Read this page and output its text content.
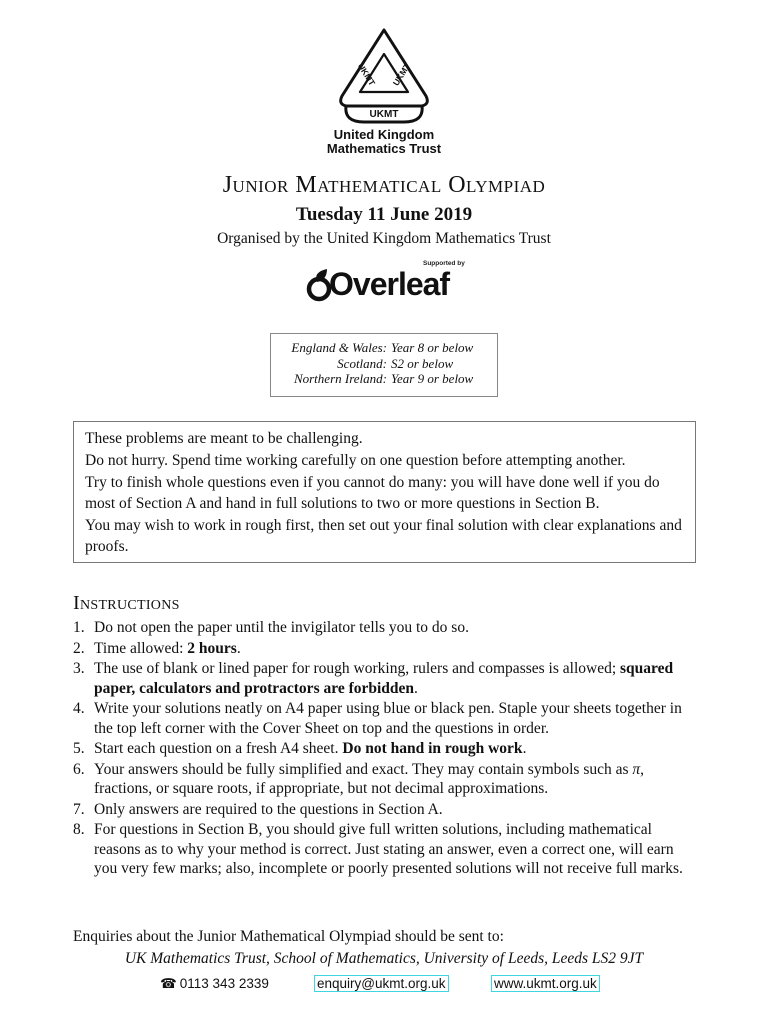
UKMT
UKMT UKMT
United Kingdom
Mathematics Trust
Junior Mathematical Olympiad
Tuesday 11 June 2019
Organised by the United Kingdom Mathematics Trust
Supported by
Overleaf
England & Wales: Year 8 or below
Scotland: S2 or below
Northern Ireland: Year 9 or below

These problems are meant to be challenging.

Do not hurry. Spend time working carefully on one question before attempting another.

Try to finish whole questions even if you cannot do many: you will have done well if you do most of Section A and hand in full solutions to two or more questions in Section B.

You may wish to work in rough first, then set out your final solution with clear explanations and proofs.

Instructions
1. Do not open the paper until the invigilator tells you to do so.
2. Time allowed: 2 hours.
3. The use of blank or lined paper for rough working, rulers and compasses is allowed; squared paper, calculators and protractors are forbidden.
4. Write your solutions neatly on A4 paper using blue or black pen. Staple your sheets together in the top left corner with the Cover Sheet on top and the questions in order.
5. Start each question on a fresh A4 sheet. Do not hand in rough work.
6. Your answers should be fully simplified and exact. They may contain symbols such as π, fractions, or square roots, if appropriate, but not decimal approximations.
7. Only answers are required to the questions in Section A.
8. For questions in Section B, you should give full written solutions, including mathematical reasons as to why your method is correct. Just stating an answer, even a correct one, will earn you very few marks; also, incomplete or poorly presented solutions will not receive full marks.
Enquiries about the Junior Mathematical Olympiad should be sent to:
UK Mathematics Trust, School of Mathematics, University of Leeds, Leeds LS2 9JT
☎ 0113 343 2339	enquiry@ukmt.org.uk	www.ukmt.org.uk
